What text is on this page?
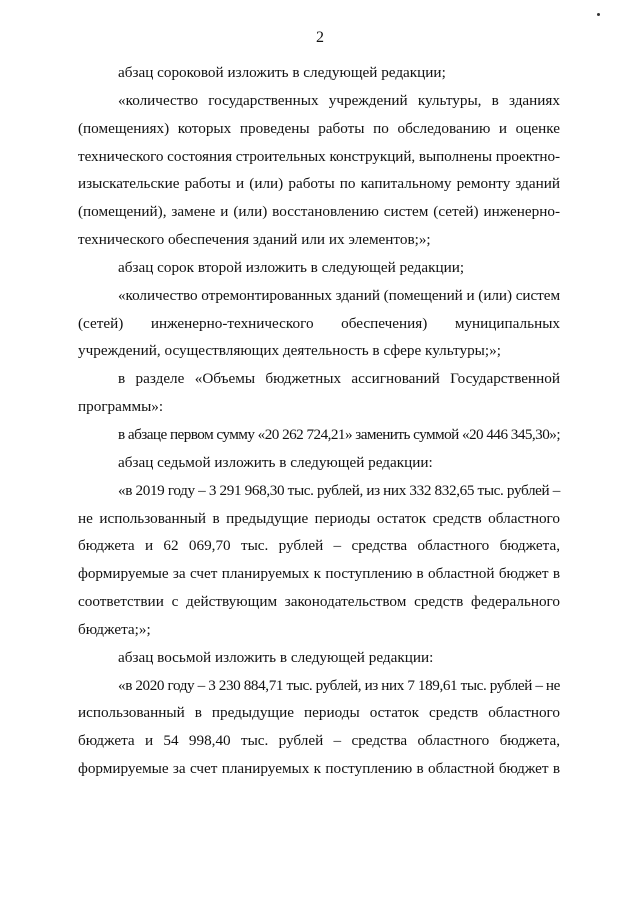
2
абзац сороковой изложить в следующей редакции;
«количество государственных учреждений культуры, в зданиях
(помещениях) которых проведены работы по обследованию и оценке
технического состояния строительных конструкций, выполнены проектно-
изыскательские работы и (или) работы по капитальному ремонту зданий
(помещений), замене и (или) восстановлению систем (сетей) инженерно-
технического обеспечения зданий или их элементов;»;
абзац сорок второй изложить в следующей редакции;
«количество отремонтированных зданий (помещений и (или) систем
(сетей) инженерно-технического обеспечения) муниципальных
учреждений, осуществляющих деятельность в сфере культуры;»;
в разделе «Объемы бюджетных ассигнований Государственной
программы»:
в абзаце первом сумму «20 262 724,21» заменить суммой «20 446 345,30»;
абзац седьмой изложить в следующей редакции:
«в 2019 году – 3 291 968,30 тыс. рублей, из них 332 832,65 тыс. рублей –
не использованный в предыдущие периоды остаток средств областного
бюджета и 62 069,70 тыс. рублей – средства областного бюджета,
формируемые за счет планируемых к поступлению в областной бюджет в
соответствии с действующим законодательством средств федерального
бюджета;»;
абзац восьмой изложить в следующей редакции:
«в 2020 году – 3 230 884,71 тыс. рублей, из них 7 189,61 тыс. рублей – не
использованный в предыдущие периоды остаток средств областного
бюджета и 54 998,40 тыс. рублей – средства областного бюджета,
формируемые за счет планируемых к поступлению в областной бюджет в
